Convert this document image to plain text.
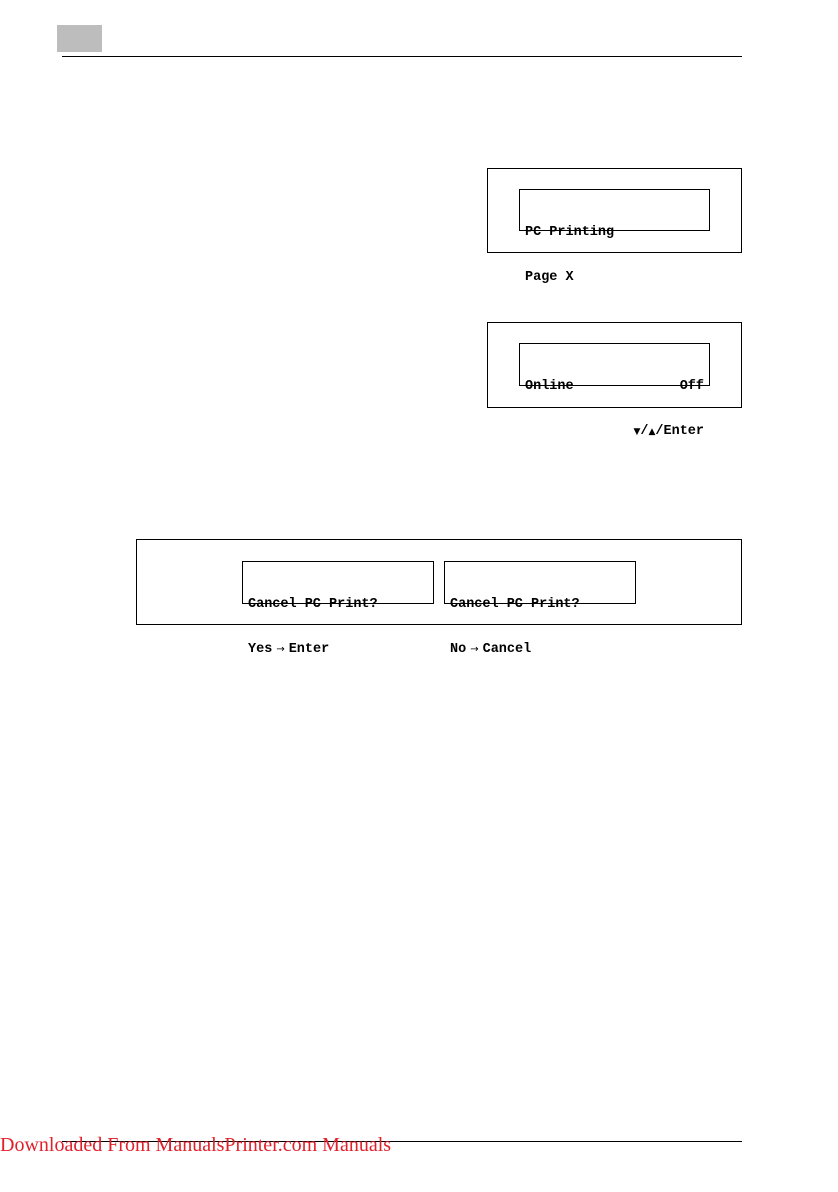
PC Printing

Page X

Online	Off

▼/▲/Enter

Cancel PC Print?

Yes → Enter

Cancel PC Print?

No → Cancel

Downloaded From ManualsPrinter.com Manuals
